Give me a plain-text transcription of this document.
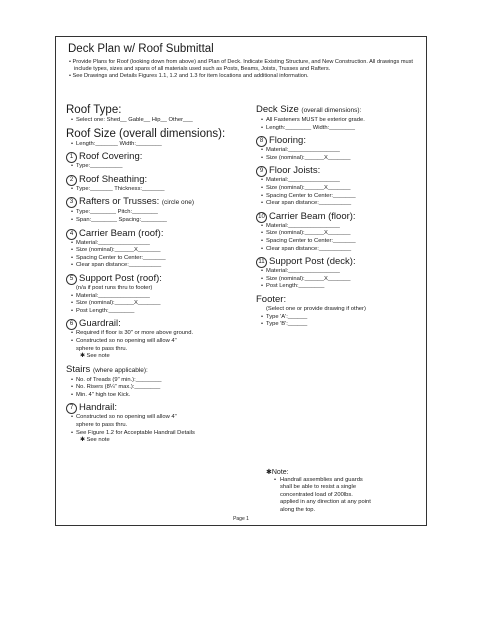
Deck Plan w/ Roof Submittal
• Provide Plans for Roof (looking down from above) and Plan of Deck. Indicate Existing Structure, and New Construction. All drawings must include types, sizes and spans of all materials used such as Posts, Beams, Joists, Trusses and Rafters.
• See Drawings and Details Figures 1.1, 1.2 and 1.3 for item locations and additional information.
Roof Type:
• Select one: Shed__ Gable__ Hip__ Other___
Roof Size (overall dimensions):
• Length:_______ Width:________
1 Roof Covering:
• Type:__________
2 Roof Sheathing:
• Type:_______ Thickness:_______
3 Rafters or Trusses: (circle one)
• Type:________ Pitch:________
• Span:________ Spacing:________
4 Carrier Beam (roof):
• Material:________________
• Size (nominal):______X_______
• Spacing Center to Center:_______
• Clear span distance:__________
5 Support Post (roof):
(n/a if post runs thru to footer)
• Material:________________
• Size (nominal):______X_______
• Post Length:________
6 Guardrail:
• Required if floor is 30" or more above ground.
• Constructed so no opening will allow 4"
sphere to pass thru.
✱ See note
Stairs (where applicable):
• No. of Treads (9" min.):________
• No. Risers (8¼" max.):________
• Min. 4" high toe Kick.
7 Handrail:
• Constructed so no opening will allow 4"
sphere to pass thru.
• See Figure 1.2 for Acceptable Handrail Details
✱ See note
Deck Size (overall dimensions):
• All Fasteners MUST be exterior grade.
• Length:________ Width:________
8 Flooring:
• Material:________________
• Size (nominal):______X_______
9 Floor Joists:
• Material:________________
• Size (nominal):______X_______
• Spacing Center to Center:_______
• Clear span distance:__________
10 Carrier Beam (floor):
• Material:________________
• Size (nominal):______X_______
• Spacing Center to Center:_______
• Clear span distance:__________
11 Support Post (deck):
• Material:________________
• Size (nominal):______X_______
• Post Length:________
Footer:
(Select one or provide drawing if other)
• Type 'A':______
• Type 'B':______
✱Note:
• Handrail assemblies and guards
shall be able to resist a single
concentrated load of 200lbs.
applied in any direction at any point
along the top.
Page 1
